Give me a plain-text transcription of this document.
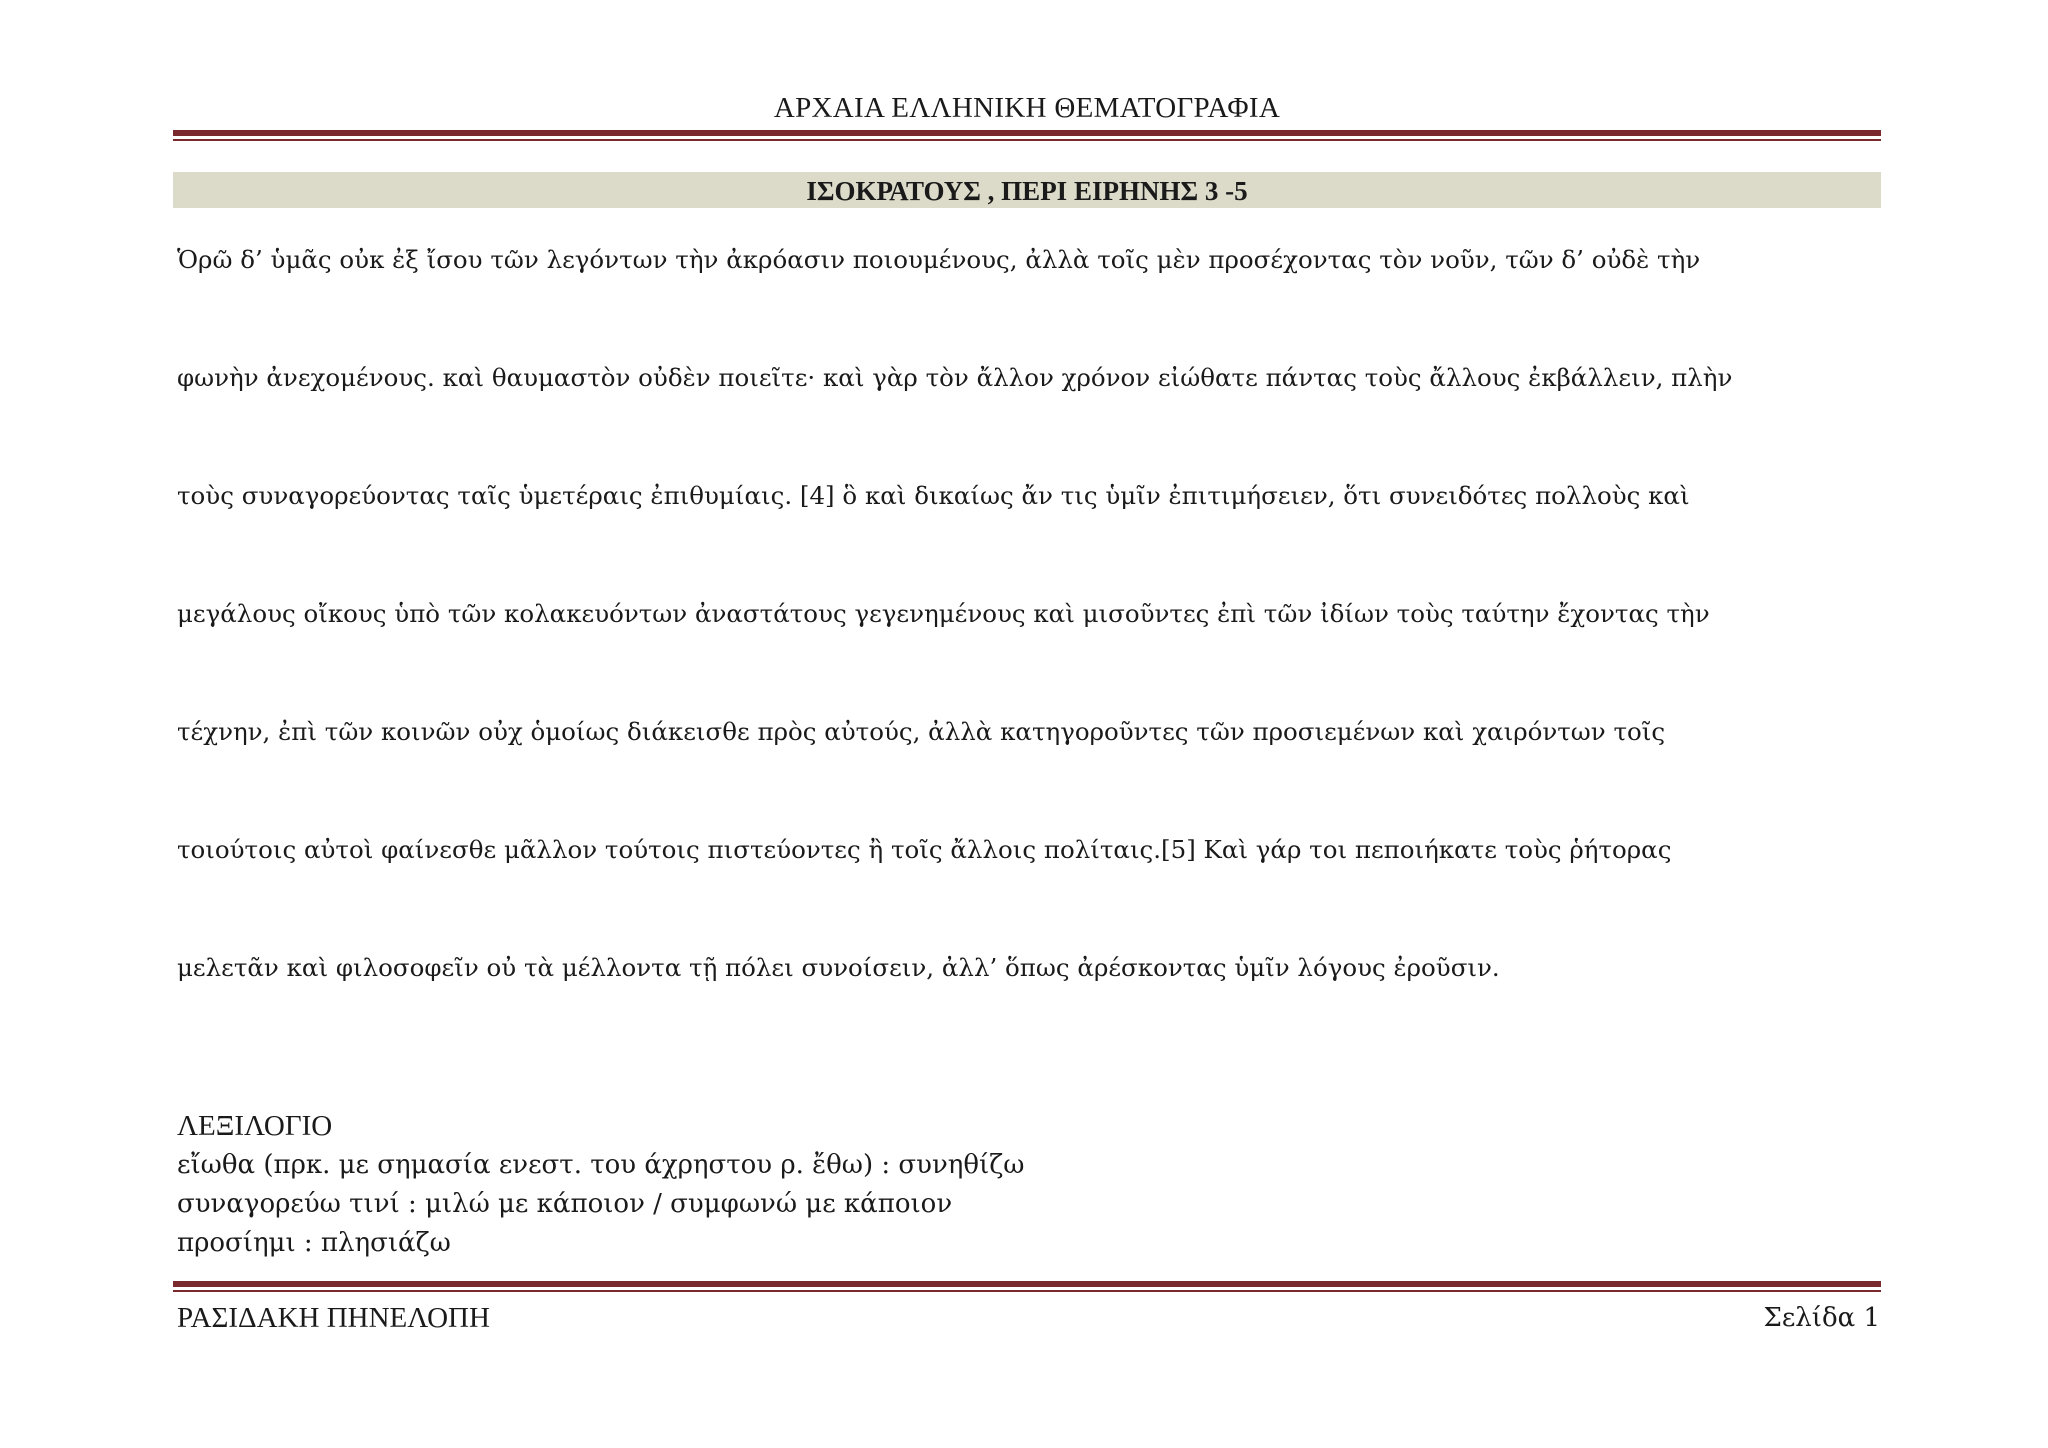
ΑΡΧΑΙΑ ΕΛΛΗΝΙΚΗ ΘΕΜΑΤΟΓΡΑΦΙΑ
ΙΣΟΚΡΑΤΟΥΣ , ΠΕΡΙ ΕΙΡΗΝΗΣ 3 -5
Ὁρῶ δ’ ὑμᾶς οὐκ ἐξ ἴσου τῶν λεγόντων τὴν ἀκρόασιν ποιουμένους, ἀλλὰ τοῖς μὲν προσέχοντας τὸν νοῦν, τῶν δ’ οὐδὲ τὴν
φωνὴν ἀνεχομένους. καὶ θαυμαστὸν οὐδὲν ποιεῖτε· καὶ γὰρ τὸν ἄλλον χρόνον εἰώθατε πάντας τοὺς ἄλλους ἐκβάλλειν, πλὴν
τοὺς συναγορεύοντας ταῖς ὑμετέραις ἐπιθυμίαις. [4] ὃ καὶ δικαίως ἄν τις ὑμῖν ἐπιτιμήσειεν, ὅτι συνειδότες πολλοὺς καὶ
μεγάλους οἴκους ὑπὸ τῶν κολακευόντων ἀναστάτους γεγενημένους καὶ μισοῦντες ἐπὶ τῶν ἰδίων τοὺς ταύτην ἔχοντας τὴν
τέχνην, ἐπὶ τῶν κοινῶν οὐχ ὁμοίως διάκεισθε πρὸς αὐτούς, ἀλλὰ κατηγοροῦντες τῶν προσιεμένων καὶ χαιρόντων τοῖς
τοιούτοις αὐτοὶ φαίνεσθε μᾶλλον τούτοις πιστεύοντες ἢ τοῖς ἄλλοις πολίταις.[5] Καὶ γάρ τοι πεποιήκατε τοὺς ῥήτορας
μελετᾶν καὶ φιλοσοφεῖν οὐ τὰ μέλλοντα τῇ πόλει συνοίσειν, ἀλλ’ ὅπως ἀρέσκοντας ὑμῖν λόγους ἐροῦσιν.
ΛΕΞΙΛΟΓΙΟ
εἴωθα (πρκ. με σημασία ενεστ. του άχρηστου ρ. ἔθω) : συνηθίζω
συναγορεύω τινί : μιλώ με κάποιον / συμφωνώ με κάποιον
προσίημι : πλησιάζω
ΡΑΣΙΔΑΚΗ ΠΗΝΕΛΟΠΗ	Σελίδα 1
